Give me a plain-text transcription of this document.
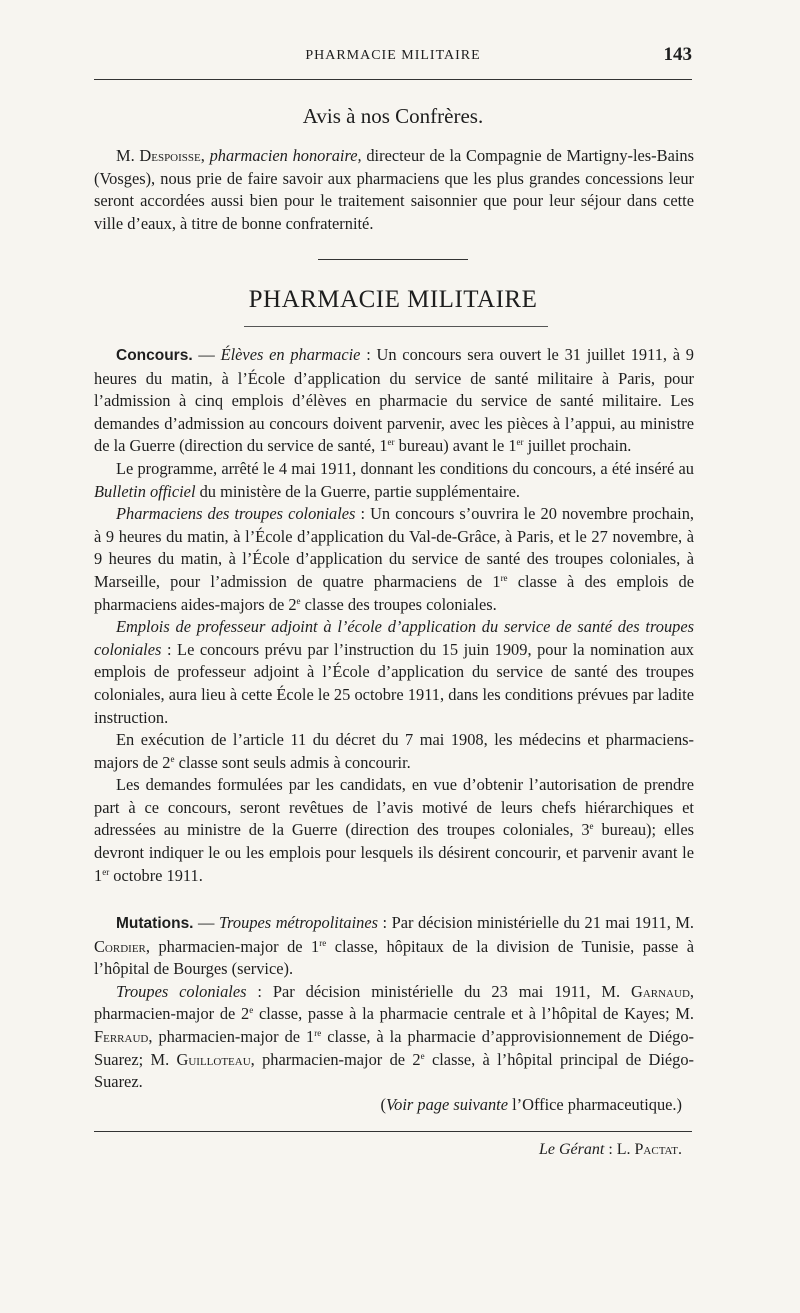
PHARMACIE MILITAIRE	143
Avis à nos Confrères.

M. Despoisse, pharmacien honoraire, directeur de la Compagnie de Martigny-les-Bains (Vosges), nous prie de faire savoir aux pharmaciens que les plus grandes concessions leur seront accordées aussi bien pour le traitement saisonnier que pour leur séjour dans cette ville d’eaux, à titre de bonne confraternité.

PHARMACIE MILITAIRE

Concours. — Élèves en pharmacie : Un concours sera ouvert le 31 juillet 1911, à 9 heures du matin, à l’École d’application du service de santé militaire à Paris, pour l’admission à cinq emplois d’élèves en pharmacie du service de santé militaire. Les demandes d’admission au concours doivent parvenir, avec les pièces à l’appui, au ministre de la Guerre (direction du service de santé, 1er bureau) avant le 1er juillet prochain.

Le programme, arrêté le 4 mai 1911, donnant les conditions du concours, a été inséré au Bulletin officiel du ministère de la Guerre, partie supplémentaire.

Pharmaciens des troupes coloniales : Un concours s’ouvrira le 20 novembre prochain, à 9 heures du matin, à l’École d’application du Val-de-Grâce, à Paris, et le 27 novembre, à 9 heures du matin, à l’École d’application du service de santé des troupes coloniales, à Marseille, pour l’admission de quatre pharmaciens de 1re classe à des emplois de pharmaciens aides-majors de 2e classe des troupes coloniales.

Emplois de professeur adjoint à l’école d’application du service de santé des troupes coloniales : Le concours prévu par l’instruction du 15 juin 1909, pour la nomination aux emplois de professeur adjoint à l’École d’application du service de santé des troupes coloniales, aura lieu à cette École le 25 octobre 1911, dans les conditions prévues par ladite instruction.

En exécution de l’article 11 du décret du 7 mai 1908, les médecins et pharmaciens-majors de 2e classe sont seuls admis à concourir.

Les demandes formulées par les candidats, en vue d’obtenir l’autorisation de prendre part à ce concours, seront revêtues de l’avis motivé de leurs chefs hiérarchiques et adressées au ministre de la Guerre (direction des troupes coloniales, 3e bureau); elles devront indiquer le ou les emplois pour lesquels ils désirent concourir, et parvenir avant le 1er octobre 1911.

Mutations. — Troupes métropolitaines : Par décision ministérielle du 21 mai 1911, M. Cordier, pharmacien-major de 1re classe, hôpitaux de la division de Tunisie, passe à l’hôpital de Bourges (service).

Troupes coloniales : Par décision ministérielle du 23 mai 1911, M. Garnaud, pharmacien-major de 2e classe, passe à la pharmacie centrale et à l’hôpital de Kayes; M. Ferraud, pharmacien-major de 1re classe, à la pharmacie d’approvisionnement de Diégo-Suarez; M. Guilloteau, pharmacien-major de 2e classe, à l’hôpital principal de Diégo-Suarez.

(Voir page suivante l’Office pharmaceutique.)

Le Gérant : L. Pactat.
